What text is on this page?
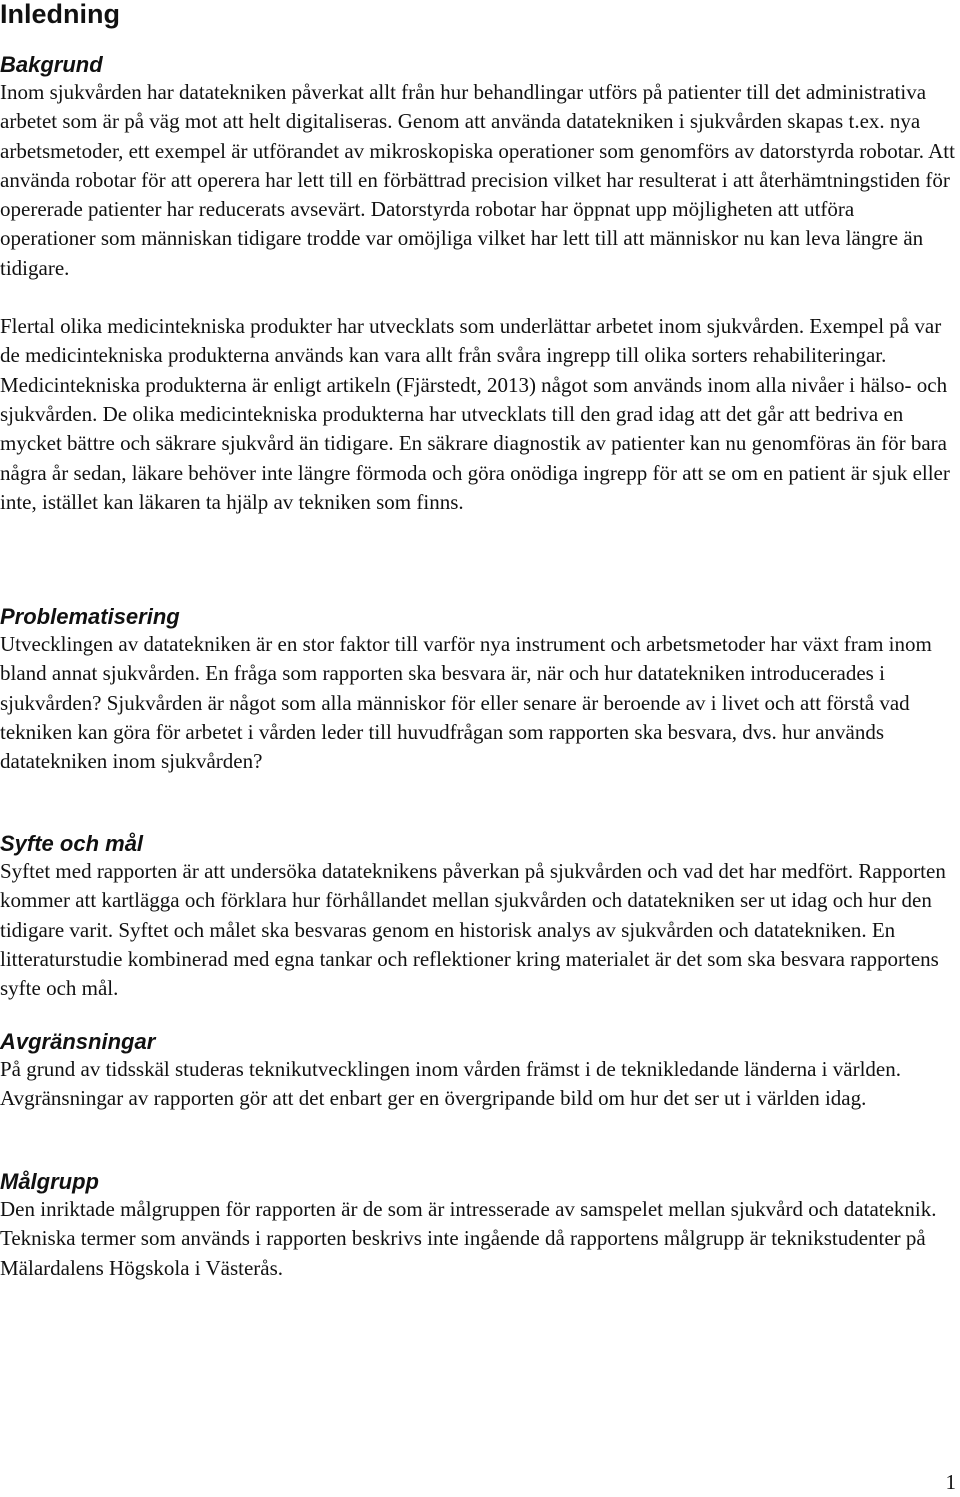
Inledning
Bakgrund

Inom sjukvården har datatekniken påverkat allt från hur behandlingar utförs på patienter till det administrativa arbetet som är på väg mot att helt digitaliseras. Genom att använda datatekniken i sjukvården skapas t.ex. nya arbetsmetoder, ett exempel är utförandet av mikroskopiska operationer som genomförs av datorstyrda robotar. Att använda robotar för att operera har lett till en förbättrad precision vilket har resulterat i att återhämtningstiden för opererade patienter har reducerats avsevärt. Datorstyrda robotar har öppnat upp möjligheten att utföra operationer som människan tidigare trodde var omöjliga vilket har lett till att människor nu kan leva längre än tidigare.

Flertal olika medicintekniska produkter har utvecklats som underlättar arbetet inom sjukvården. Exempel på var de medicintekniska produkterna används kan vara allt från svåra ingrepp till olika sorters rehabiliteringar. Medicintekniska produkterna är enligt artikeln (Fjärstedt, 2013) något som används inom alla nivåer i hälso- och sjukvården. De olika medicintekniska produkterna har utvecklats till den grad idag att det går att bedriva en mycket bättre och säkrare sjukvård än tidigare. En säkrare diagnostik av patienter kan nu genomföras än för bara några år sedan, läkare behöver inte längre förmoda och göra onödiga ingrepp för att se om en patient är sjuk eller inte, istället kan läkaren ta hjälp av tekniken som finns.

Problematisering

Utvecklingen av datatekniken är en stor faktor till varför nya instrument och arbetsmetoder har växt fram inom bland annat sjukvården. En fråga som rapporten ska besvara är, när och hur datatekniken introducerades i sjukvården? Sjukvården är något som alla människor för eller senare är beroende av i livet och att förstå vad tekniken kan göra för arbetet i vården leder till huvudfrågan som rapporten ska besvara, dvs. hur används datatekniken inom sjukvården?

Syfte och mål

Syftet med rapporten är att undersöka datateknikens påverkan på sjukvården och vad det har medfört. Rapporten kommer att kartlägga och förklara hur förhållandet mellan sjukvården och datatekniken ser ut idag och hur den tidigare varit. Syftet och målet ska besvaras genom en historisk analys av sjukvården och datatekniken. En litteraturstudie kombinerad med egna tankar och reflektioner kring materialet är det som ska besvara rapportens syfte och mål.

Avgränsningar

På grund av tidsskäl studeras teknikutvecklingen inom vården främst i de teknikledande länderna i världen. Avgränsningar av rapporten gör att det enbart ger en övergripande bild om hur det ser ut i världen idag.

Målgrupp

Den inriktade målgruppen för rapporten är de som är intresserade av samspelet mellan sjukvård och datateknik. Tekniska termer som används i rapporten beskrivs inte ingående då rapportens målgrupp är teknikstudenter på Mälardalens Högskola i Västerås.

1
